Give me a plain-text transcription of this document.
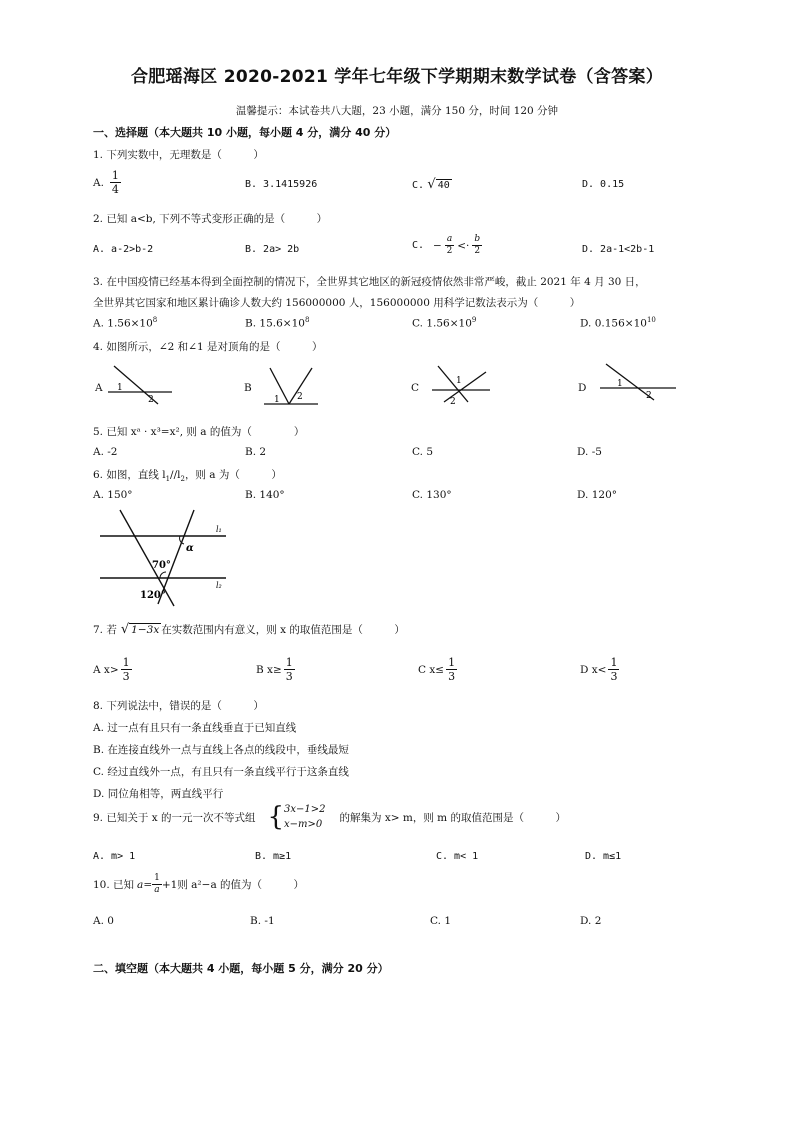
合肥瑶海区 2020-2021 学年七年级下学期期末数学试卷（含答案）
温馨提示：本试卷共八大题，23 小题，满分 150 分，时间 120 分钟
一、选择题（本大题共 10 小题，每小题 4 分，满分 40 分）
1. 下列实数中，无理数是（　　　）
A. $\frac{1}{4}$	B. 3.1415926	C. √ 40	D. 0.15
2. 已知 a<b, 下列不等式变形正确的是（　　　）
A. a-2>b-2	B. 2a> 2b	C. − $\frac{a}{2} <\cdot \frac{b}{2}$	D. 2a-1<2b-1
3. 在中国疫情已经基本得到全面控制的情况下，全世界其它地区的新冠疫情依然非常严峻，截止 2021 年 4 月 30 日，
全世界其它国家和地区累计确诊人数大约 156000000 人，156000000 用科学记数法表示为（　　　）
A. $1.56\times 10^8$	B. $15.6\times 10^8$	C. $1.56\times 10^9$	D. $0.156\times 10^{10}$
4. 如图所示，∠2 和∠1 是对顶角的是（　　　）
A	B	C	D
1
2	1 2
1
2
1
2
5. 已知 xᵃ · x³=x², 则 a 的值为（　　　　）
A. -2	B. 2	C. 5	D. -5
6. 如图，直线 $l_1//l_2$，则 a 为（　　　）
A. 150°	B. 140°	C. 130°	D. 120°
α
70°
120°
l₁
l₂
7. 若 √ 1−3x 在实数范围内有意义，则 x 的取值范围是（　　　）
A $x> \frac{1}{3}$	B $x\ge \frac{1}{3}$	C $x\le \frac{1}{3}$	D $x< \frac{1}{3}$
8. 下列说法中，错误的是（　　　）
A. 过一点有且只有一条直线垂直于已知直线
B. 在连接直线外一点与直线上各点的线段中，垂线最短
C. 经过直线外一点，有且只有一条直线平行于这条直线
D. 同位角相等，两直线平行
9. 已知关于 x 的一元一次不等式组 { 3x−1>2
x−m>0
的解集为 x> m，则 m 的取值范围是（　　　）
A. m> 1	B. m≥1	C. m< 1	D. m≤1
10. 已知 $a = \frac{1}{a} +1$则 a²−a 的值为（　　　）
A. 0	B. -1	C. 1	D. 2
二、填空题（本大题共 4 小题，每小题 5 分，满分 20 分）
